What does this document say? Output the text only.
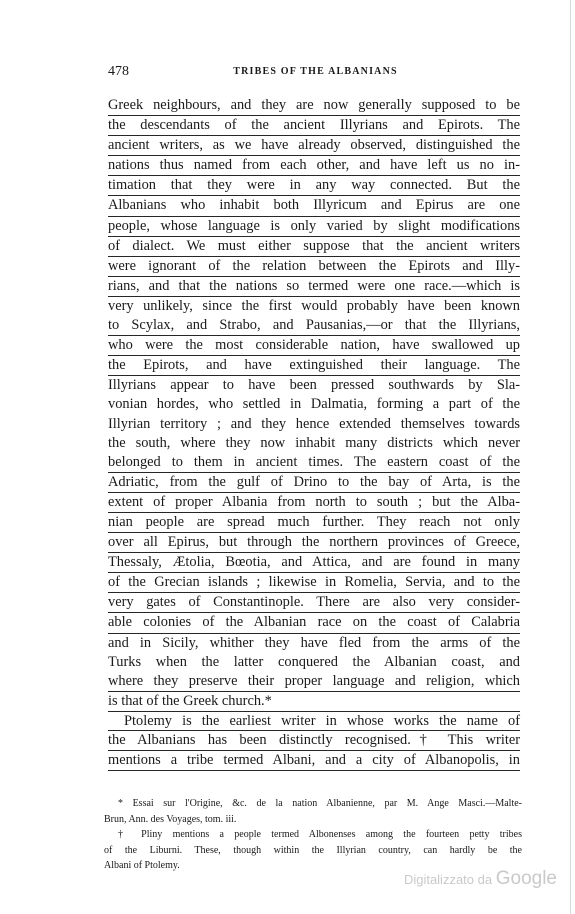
478	TRIBES OF THE ALBANIANS
Greek neighbours, and they are now generally supposed to be
the descendants of the ancient Illyrians and Epirots. The
ancient writers, as we have already observed, distinguished the
nations thus named from each other, and have left us no in-
timation that they were in any way connected. But the
Albanians who inhabit both Illyricum and Epirus are one
people, whose language is only varied by slight modifications
of dialect. We must either suppose that the ancient writers
were ignorant of the relation between the Epirots and Illy-
rians, and that the nations so termed were one race.—which is
very unlikely, since the first would probably have been known
to Scylax, and Strabo, and Pausanias,—or that the Illyrians,
who were the most considerable nation, have swallowed up
the Epirots, and have extinguished their language. The
Illyrians appear to have been pressed southwards by Sla-
vonian hordes, who settled in Dalmatia, forming a part of the
Illyrian territory ; and they hence extended themselves towards
the south, where they now inhabit many districts which never
belonged to them in ancient times. The eastern coast of the
Adriatic, from the gulf of Drino to the bay of Arta, is the
extent of proper Albania from north to south ; but the Alba-
nian people are spread much further. They reach not only
over all Epirus, but through the northern provinces of Greece,
Thessaly, Ætolia, Bœotia, and Attica, and are found in many
of the Grecian islands ; likewise in Romelia, Servia, and to the
very gates of Constantinople. There are also very consider-
able colonies of the Albanian race on the coast of Calabria
and in Sicily, whither they have fled from the arms of the
Turks when the latter conquered the Albanian coast, and
where they preserve their proper language and religion, which
is that of the Greek church.*
Ptolemy is the earliest writer in whose works the name of
the Albanians has been distinctly recognised.† This writer
mentions a tribe termed Albani, and a city of Albanopolis, in
* Essai sur l'Origine, &c. de la nation Albanienne, par M. Ange Masci.—Malte-
Brun, Ann. des Voyages, tom. iii.
† Pliny mentions a people termed Albonenses among the fourteen petty tribes
of the Liburni. These, though within the Illyrian country, can hardly be the
Albani of Ptolemy.
Digitalizzato da Google
